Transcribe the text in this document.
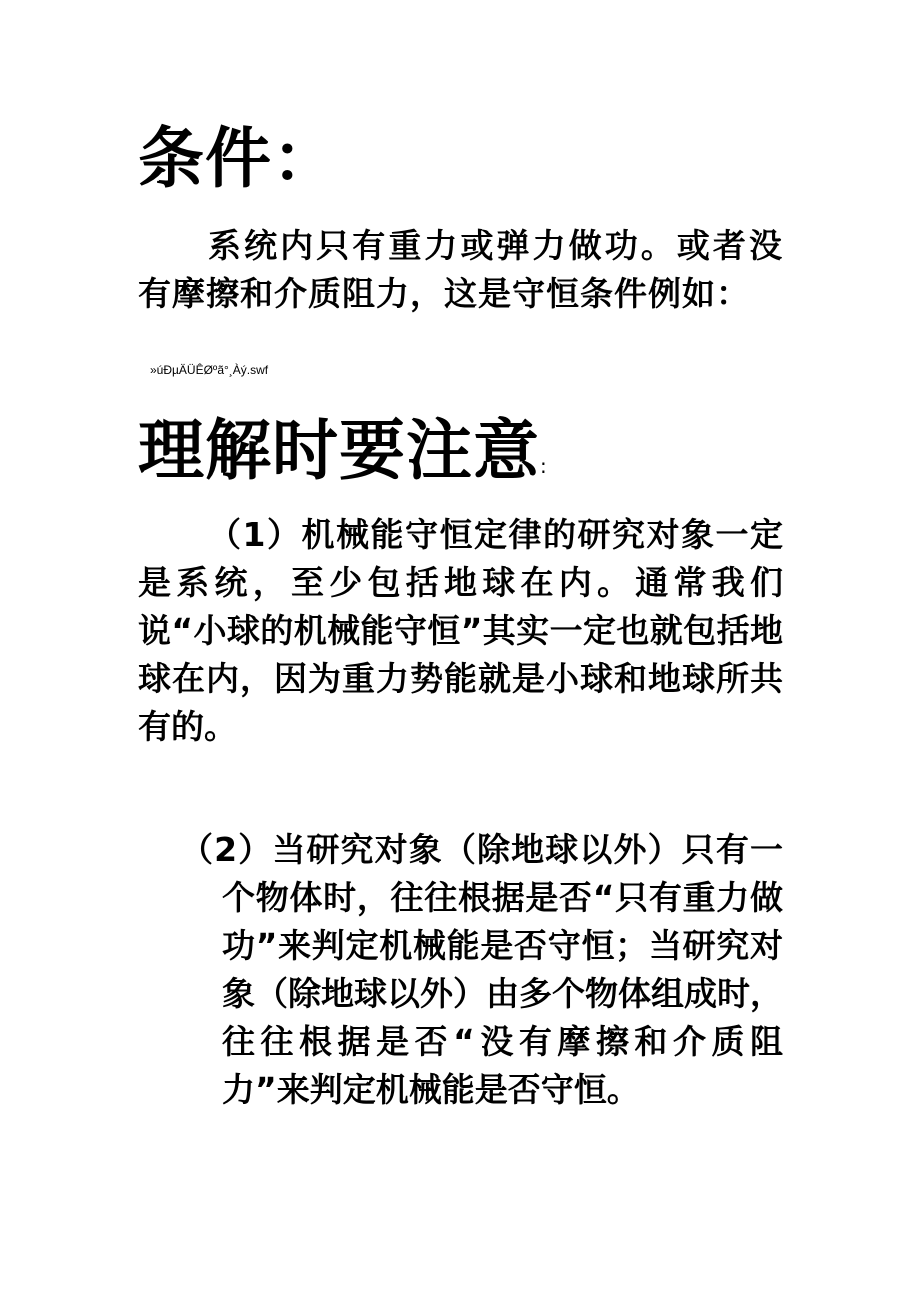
条件：
系统内只有重力或弹力做功。或者没有摩擦和介质阻力，这是守恒条件例如：
»úÐµÄÜÊØºã°¸Àý.swf
理解时要注意:
（1）机械能守恒定律的研究对象一定是系统，至少包括地球在内。通常我们说“小球的机械能守恒”其实一定也就包括地球在内，因为重力势能就是小球和地球所共有的。
（2）当研究对象（除地球以外）只有一个物体时，往往根据是否“只有重力做功”来判定机械能是否守恒；当研究对象（除地球以外）由多个物体组成时，往往根据是否“没有摩擦和介质阻力”来判定机械能是否守恒。
